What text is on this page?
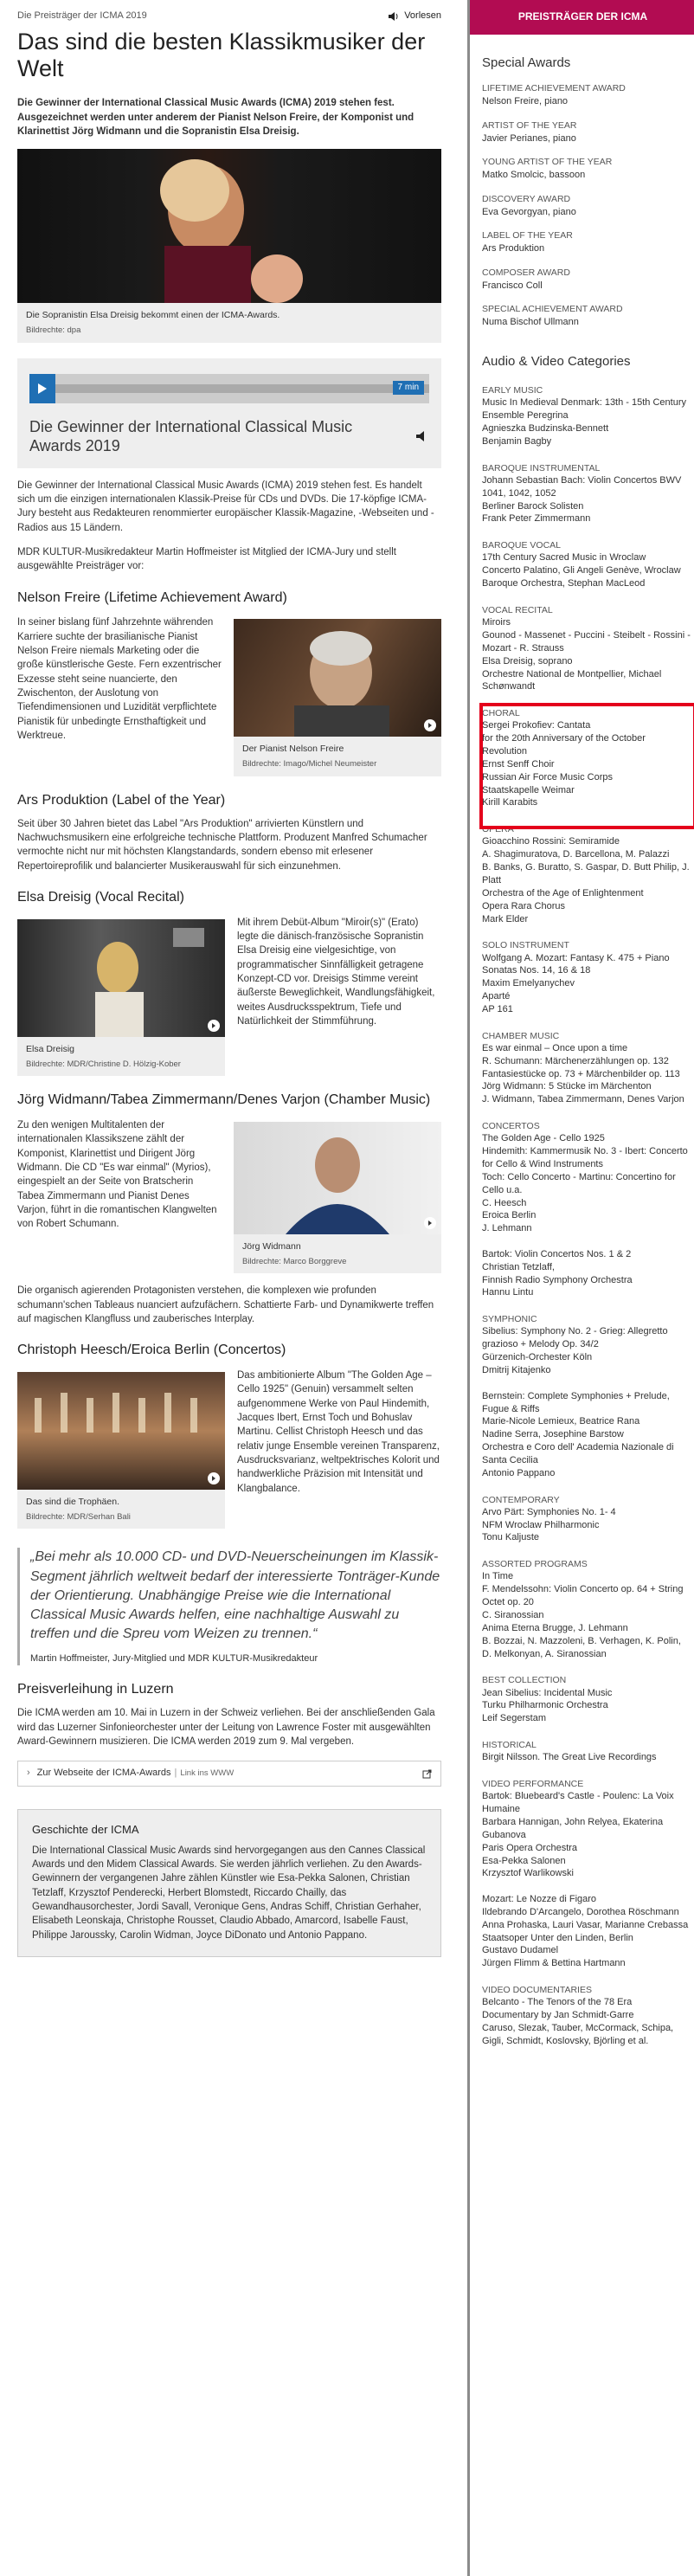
Die Preisträger der ICMA 2019	Vorlesen
Das sind die besten Klassikmusiker der Welt
Die Gewinner der International Classical Music Awards (ICMA) 2019 stehen fest. Ausgezeichnet werden unter anderem der Pianist Nelson Freire, der Komponist und Klarinettist Jörg Widmann und die Sopranistin Elsa Dreisig.
Die Sopranistin Elsa Dreisig bekommt einen der ICMA-Awards.
Bildrechte: dpa
7 min
Die Gewinner der International Classical Music Awards 2019

Die Gewinner der International Classical Music Awards (ICMA) 2019 stehen fest. Es handelt sich um die einzigen internationalen Klassik-Preise für CDs und DVDs. Die 17-köpfige ICMA-Jury besteht aus Redakteuren renommierter europäischer Klassik-Magazine, -Webseiten und -Radios aus 15 Ländern.

MDR KULTUR-Musikredakteur Martin Hoffmeister ist Mitglied der ICMA-Jury und stellt ausgewählte Preisträger vor:

Nelson Freire (Lifetime Achievement Award)
In seiner bislang fünf Jahrzehnte währenden Karriere suchte der brasilianische Pianist Nelson Freire niemals Marketing oder die große künstlerische Geste. Fern exzentrischer Exzesse steht seine nuancierte, den Zwischenton, der Auslotung von Tiefendimensionen und Luzidität verpflichtete Pianistik für unbedingte Ernsthaftigkeit und Werktreue.
Der Pianist Nelson Freire
Bildrechte: Imago/Michel Neumeister
Ars Produktion (Label of the Year)

Seit über 30 Jahren bietet das Label "Ars Produktion" arrivierten Künstlern und Nachwuchsmusikern eine erfolgreiche technische Plattform. Produzent Manfred Schumacher vermochte nicht nur mit höchsten Klangstandards, sondern ebenso mit erlesener Repertoireprofilik und balancierter Musikerauswahl für sich einzunehmen.

Elsa Dreisig (Vocal Recital)
Elsa Dreisig
Bildrechte: MDR/Christine D. Hölzig-Kober
Mit ihrem Debüt-Album "Miroir(s)" (Erato) legte die dänisch-französische Sopranistin Elsa Dreisig eine vielgesichtige, von programmatischer Sinnfälligkeit getragene Konzept-CD vor. Dreisigs Stimme vereint äußerste Beweglichkeit, Wandlungsfähigkeit, weites Ausdrucksspektrum, Tiefe und Natürlichkeit der Stimmführung.
Jörg Widmann/Tabea Zimmermann/Denes Varjon (Chamber Music)
Zu den wenigen Multitalenten der internationalen Klassikszene zählt der Komponist, Klarinettist und Dirigent Jörg Widmann. Die CD "Es war einmal" (Myrios), eingespielt an der Seite von Bratscherin Tabea Zimmermann und Pianist Denes Varjon, führt in die romantischen Klangwelten von Robert Schumann.
Jörg Widmann
Bildrechte: Marco Borggreve

Die organisch agierenden Protagonisten verstehen, die komplexen wie profunden schumann'schen Tableaus nuanciert aufzufächern. Schattierte Farb- und Dynamikwerte treffen auf magischen Klangfluss und zauberisches Interplay.

Christoph Heesch/Eroica Berlin (Concertos)
Das sind die Trophäen.
Bildrechte: MDR/Serhan Bali
Das ambitionierte Album "The Golden Age – Cello 1925" (Genuin) versammelt selten aufgenommene Werke von Paul Hindemith, Jacques Ibert, Ernst Toch und Bohuslav Martinu. Cellist Christoph Heesch und das relativ junge Ensemble vereinen Transparenz, Ausdrucksvarianz, weltpektrisches Kolorit und handwerkliche Präzision mit Intensität und Klangbalance.
„Bei mehr als 10.000 CD- und DVD-Neuerscheinungen im Klassik-Segment jährlich weltweit bedarf der interessierte Tonträger-Kunde der Orientierung. Unabhängige Preise wie die International Classical Music Awards helfen, eine nachhaltige Auswahl zu treffen und die Spreu vom Weizen zu trennen.“
Martin Hoffmeister, Jury-Mitglied und MDR KULTUR-Musikredakteur
Preisverleihung in Luzern

Die ICMA werden am 10. Mai in Luzern in der Schweiz verliehen. Bei der anschließenden Gala wird das Luzerner Sinfonieorchester unter der Leitung von Lawrence Foster mit ausgewählten Award-Gewinnern musizieren. Die ICMA werden 2019 zum 9. Mal vergeben.

› Zur Webseite der ICMA-Awards | Link ins WWW
Geschichte der ICMA
Die International Classical Music Awards sind hervorgegangen aus den Cannes Classical Awards und den Midem Classical Awards. Sie werden jährlich verliehen. Zu den Awards-Gewinnern der vergangenen Jahre zählen Künstler wie Esa-Pekka Salonen, Christian Tetzlaff, Krzysztof Penderecki, Herbert Blomstedt, Riccardo Chailly, das Gewandhausorchester, Jordi Savall, Veronique Gens, Andras Schiff, Christian Gerhaher, Elisabeth Leonskaja, Christophe Rousset, Claudio Abbado, Amarcord, Isabelle Faust, Philippe Jaroussky, Carolin Widman, Joyce DiDonato und Antonio Pappano.
PREISTRÄGER DER ICMA
Special Awards
LIFETIME ACHIEVEMENT AWARD
Nelson Freire, piano
ARTIST OF THE YEAR
Javier Perianes, piano
YOUNG ARTIST OF THE YEAR
Matko Smolcic, bassoon
DISCOVERY AWARD
Eva Gevorgyan, piano
LABEL OF THE YEAR
Ars Produktion
COMPOSER AWARD
Francisco Coll
SPECIAL ACHIEVEMENT AWARD
Numa Bischof Ullmann
Audio & Video Categories
EARLY MUSIC
Music In Medieval Denmark: 13th - 15th Century
Ensemble Peregrina
Agnieszka Budzinska-Bennett
Benjamin Bagby
BAROQUE INSTRUMENTAL
Johann Sebastian Bach: Violin Concertos BWV 1041, 1042, 1052
Berliner Barock Solisten
Frank Peter Zimmermann
BAROQUE VOCAL
17th Century Sacred Music in Wroclaw
Concerto Palatino, Gli Angeli Genève, Wroclaw Baroque Orchestra, Stephan MacLeod
VOCAL RECITAL
Miroirs
Gounod - Massenet - Puccini - Steibelt - Rossini - Mozart - R. Strauss
Elsa Dreisig, soprano
Orchestre National de Montpellier, Michael Schønwandt
CHORAL
Sergei Prokofiev: Cantata
for the 20th Anniversary of the October Revolution
Ernst Senff Choir
Russian Air Force Music Corps
Staatskapelle Weimar
Kirill Karabits
OPERA
Gioacchino Rossini: Semiramide
A. Shagimuratova, D. Barcellona, M. Palazzi
B. Banks, G. Buratto, S. Gaspar, D. Butt Philip, J. Platt
Orchestra of the Age of Enlightenment
Opera Rara Chorus
Mark Elder
SOLO INSTRUMENT
Wolfgang A. Mozart: Fantasy K. 475 + Piano Sonatas Nos. 14, 16 & 18
Maxim Emelyanychev
Aparté
AP 161
CHAMBER MUSIC
Es war einmal – Once upon a time
R. Schumann: Märchenerzählungen op. 132
Fantasiestücke op. 73 + Märchenbilder op. 113
Jörg Widmann: 5 Stücke im Märchenton
J. Widmann, Tabea Zimmermann, Denes Varjon
CONCERTOS
The Golden Age - Cello 1925
Hindemith: Kammermusik No. 3 - Ibert: Concerto for Cello & Wind Instruments
Toch: Cello Concerto - Martinu: Concertino for Cello u.a.
C. Heesch
Eroica Berlin
J. Lehmann

Bartok: Violin Concertos Nos. 1 & 2
Christian Tetzlaff,
Finnish Radio Symphony Orchestra
Hannu Lintu
SYMPHONIC
Sibelius: Symphony No. 2 - Grieg: Allegretto grazioso + Melody Op. 34/2
Gürzenich-Orchester Köln
Dmitrij Kitajenko

Bernstein: Complete Symphonies + Prelude, Fugue & Riffs
Marie-Nicole Lemieux, Beatrice Rana
Nadine Serra, Josephine Barstow
Orchestra e Coro dell' Academia Nazionale di Santa Cecilia
Antonio Pappano
CONTEMPORARY
Arvo Pärt: Symphonies No. 1- 4
NFM Wroclaw Philharmonic
Tonu Kaljuste
ASSORTED PROGRAMS
In Time
F. Mendelssohn: Violin Concerto op. 64 + String Octet op. 20
C. Siranossian
Anima Eterna Brugge, J. Lehmann
B. Bozzai, N. Mazzoleni, B. Verhagen, K. Polin,
D. Melkonyan, A. Siranossian
BEST COLLECTION
Jean Sibelius: Incidental Music
Turku Philharmonic Orchestra
Leif Segerstam
HISTORICAL
Birgit Nilsson. The Great Live Recordings
VIDEO PERFORMANCE
Bartok: Bluebeard's Castle - Poulenc: La Voix Humaine
Barbara Hannigan, John Relyea, Ekaterina Gubanova
Paris Opera Orchestra
Esa-Pekka Salonen
Krzysztof Warlikowski

Mozart: Le Nozze di Figaro
Ildebrando D'Arcangelo, Dorothea Röschmann
Anna Prohaska, Lauri Vasar, Marianne Crebassa
Staatsoper Unter den Linden, Berlin
Gustavo Dudamel
Jürgen Flimm & Bettina Hartmann
VIDEO DOCUMENTARIES
Belcanto - The Tenors of the 78 Era
Documentary by Jan Schmidt-Garre
Caruso, Slezak, Tauber, McCormack, Schipa, Gigli, Schmidt, Koslovsky, Björling et al.
